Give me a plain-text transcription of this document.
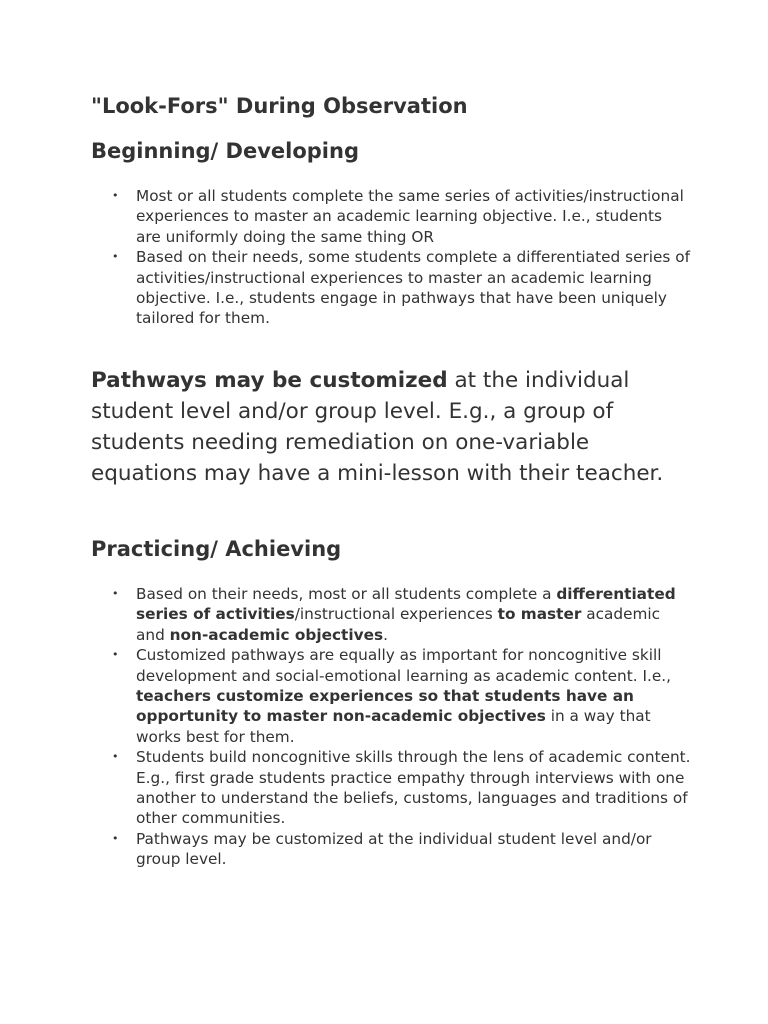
"Look-Fors" During Observation
Beginning/ Developing
• Most or all students complete the same series of activities/instructional experiences to master an academic learning objective. I.e., students are uniformly doing the same thing OR
• Based on their needs, some students complete a differentiated series of activities/instructional experiences to master an academic learning objective. I.e., students engage in pathways that have been uniquely tailored for them.

Pathways may be customized at the individual student level and/or group level. E.g., a group of students needing remediation on one-variable equations may have a mini-lesson with their teacher.

Practicing/ Achieving
• Based on their needs, most or all students complete a differentiated series of activities/instructional experiences to master academic and non-academic objectives.
• Customized pathways are equally as important for noncognitive skill development and social-emotional learning as academic content. I.e., teachers customize experiences so that students have an opportunity to master non-academic objectives in a way that works best for them.
• Students build noncognitive skills through the lens of academic content. E.g., first grade students practice empathy through interviews with one another to understand the beliefs, customs, languages and traditions of other communities.
• Pathways may be customized at the individual student level and/or group level.
